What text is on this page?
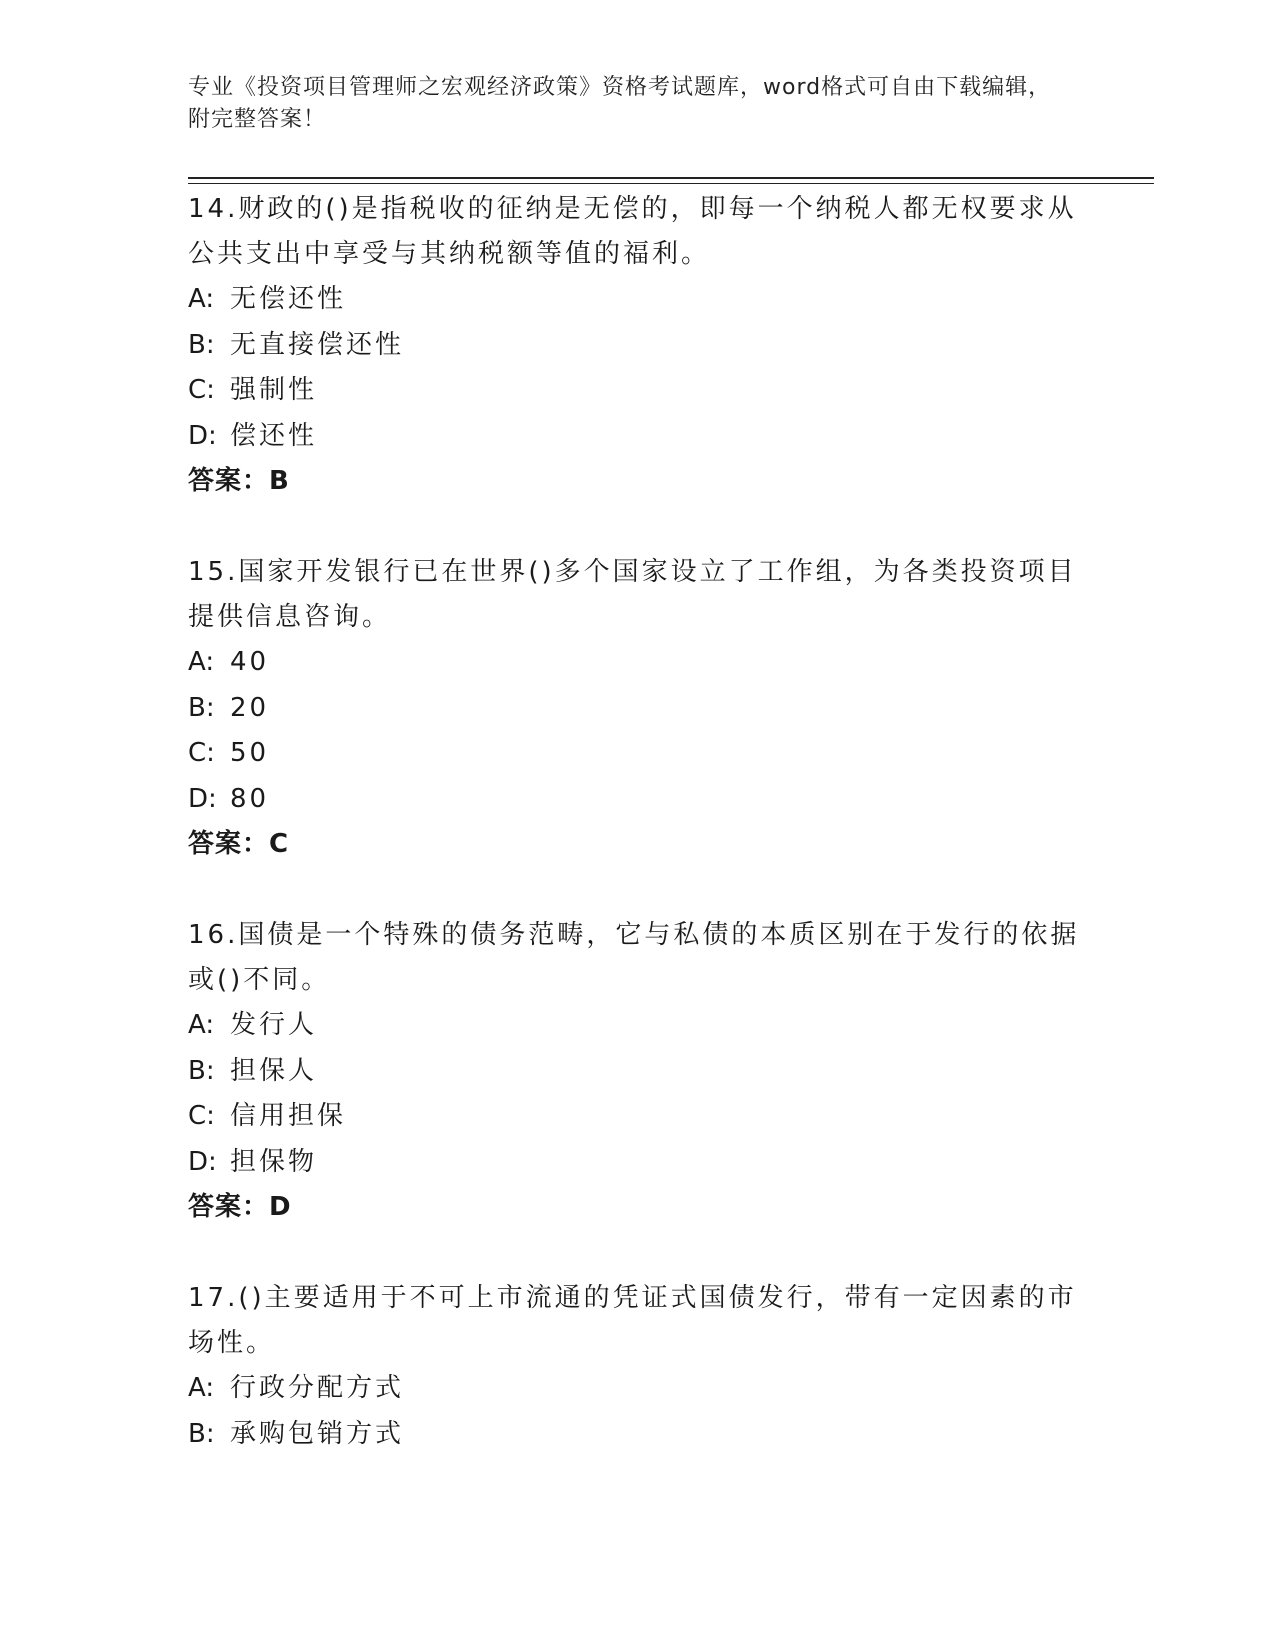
专业《投资项目管理师之宏观经济政策》资格考试题库，word格式可自由下载编辑，附完整答案！

14.财政的()是指税收的征纳是无偿的，即每一个纳税人都无权要求从公共支出中享受与其纳税额等值的福利。

A: 无偿还性

B: 无直接偿还性

C: 强制性

D: 偿还性

答案：B

15.国家开发银行已在世界()多个国家设立了工作组，为各类投资项目提供信息咨询。

A: 40

B: 20

C: 50

D: 80

答案：C

16.国债是一个特殊的债务范畴，它与私债的本质区别在于发行的依据或()不同。

A: 发行人

B: 担保人

C: 信用担保

D: 担保物

答案：D

17.()主要适用于不可上市流通的凭证式国债发行，带有一定因素的市场性。

A: 行政分配方式

B: 承购包销方式
